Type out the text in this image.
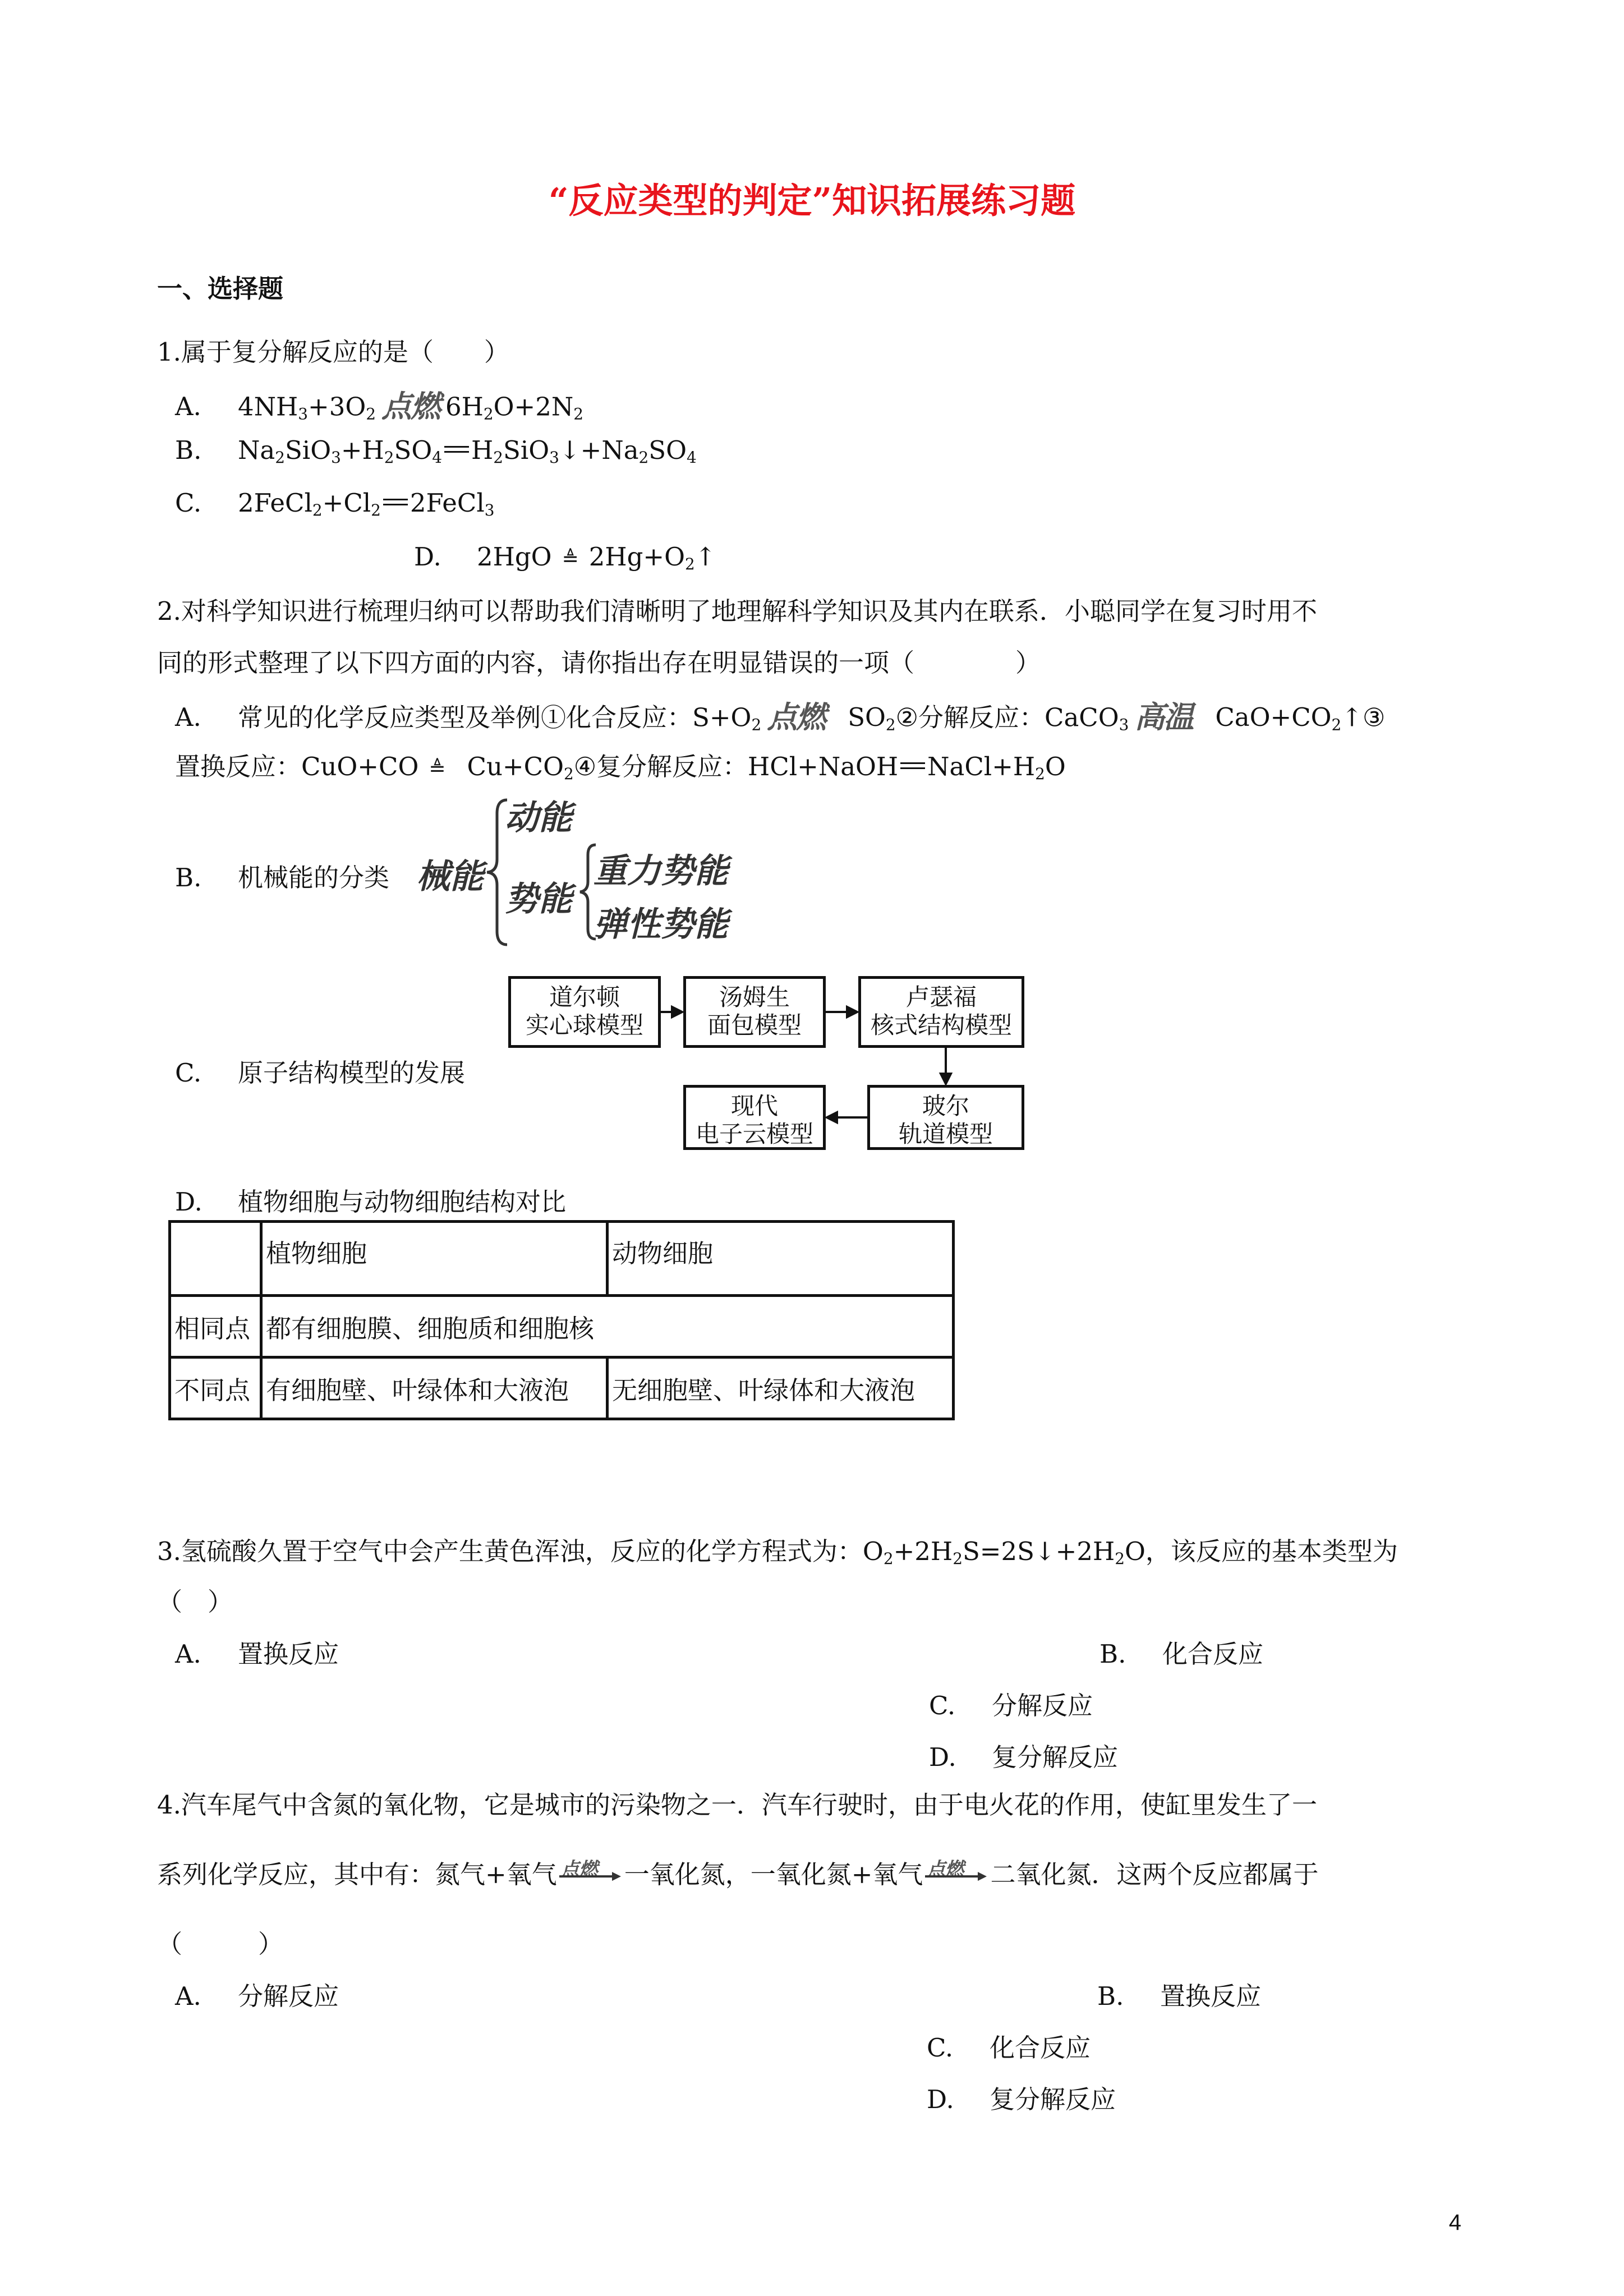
“反应类型的判定”知识拓展练习题
一、选择题
1.属于复分解反应的是（　　）
A. $4NH_3+3O_2$ 点燃 $6H_2O+2N_2$
B. $Na_2SiO_3+H_2SO_4$ $H_2SiO_3↓+Na_2SO_4$
C. $2FeCl_2+Cl_2$ 2FeCl$_3$
D. 2HgO ≜ $2Hg+O_2↑$
2.对科学知识进行梳理归纳可以帮助我们清晰明了地理解科学知识及其内在联系．小聪同学在复习时用不
同的形式整理了以下四方面的内容，请你指出存在明显错误的一项（　　　　）
A. 常见的化学反应类型及举例①化合反应：$S+O_2$ 点燃 $SO_2②$分解反应：CaCO$_3$ 高温 $CaO+CO_2↑③$
置换反应：CuO+CO ≜ $Cu+CO_2④$复分解反应：HCl+NaOH $NaCl+H_2O$
B. 机械能的分类 械能
动能
势能
重力势能
弹性势能
C. 原子结构模型的发展
道尔顿
实心球模型
汤姆生
面包模型
卢瑟福
核式结构模型
玻尔
轨道模型
现代
电子云模型
D. 植物细胞与动物细胞结构对比
	植物细胞	动物细胞
相同点	都有细胞膜、细胞质和细胞核	
不同点	有细胞壁、叶绿体和大液泡	无细胞壁、叶绿体和大液泡
3.氢硫酸久置于空气中会产生黄色浑浊，反应的化学方程式为：$O_2+2H_2S=2S↓+2H_2O$，该反应的基本类型为
（　）
A. 置换反应	B. 化合反应
C. 分解反应
D. 复分解反应
4.汽车尾气中含氮的氧化物，它是城市的污染物之一．汽车行驶时，由于电火花的作用，使缸里发生了一
系列化学反应，其中有：氮气+氧气 点燃 一氧化氮，一氧化氮+氧气 点燃 二氧化氮．这两个反应都属于
（　　　）
A. 分解反应	B. 置换反应
C. 化合反应
D. 复分解反应
4
